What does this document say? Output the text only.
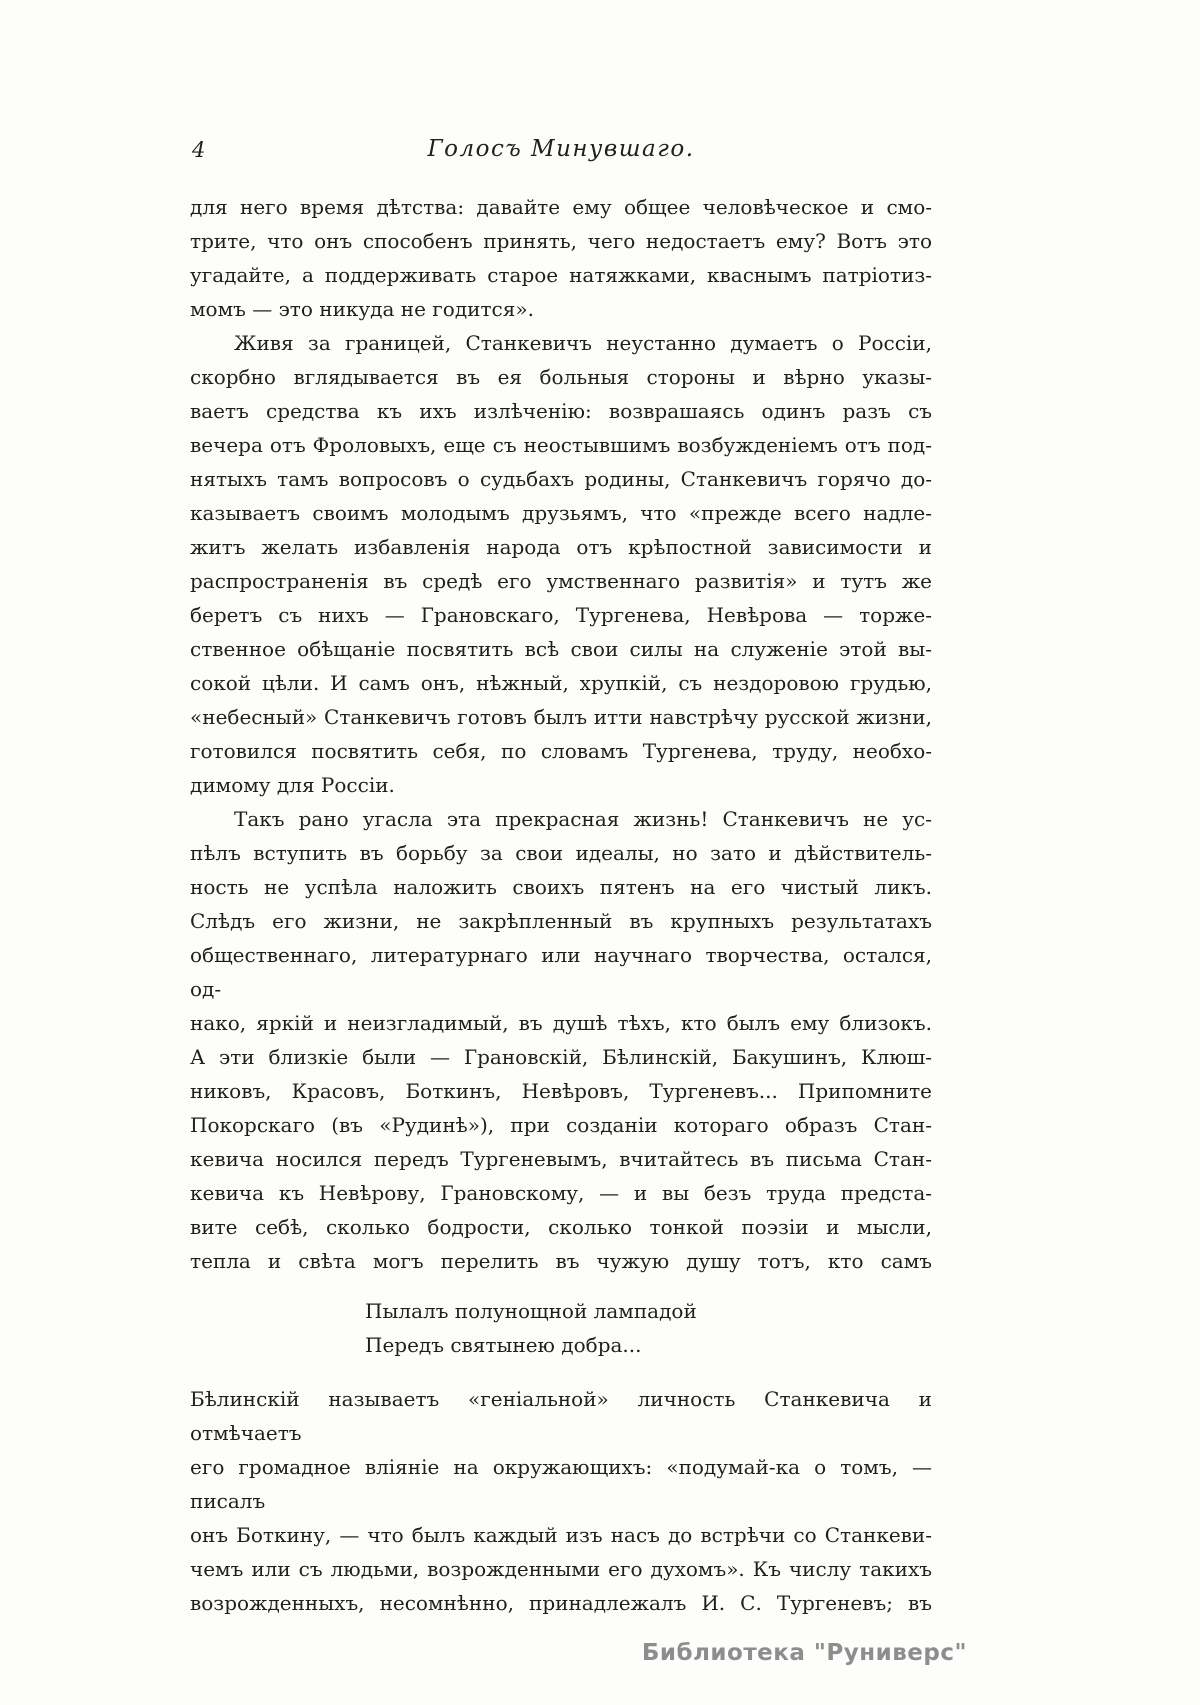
4	Голосъ Минувшаго.
для него время дѣтства: давайте ему общее человѣческое и смо-
трите, что онъ способенъ принять, чего недостаетъ ему? Вотъ это
угадайте, а поддерживать старое натяжками, кваснымъ патріотиз-
момъ — это никуда не годится».
Живя за границей, Станкевичъ неустанно думаетъ о Россіи,
скорбно вглядывается въ ея больныя стороны и вѣрно указы-
ваетъ средства къ ихъ излѣченію: возврашаясь одинъ разъ съ
вечера отъ Фроловыхъ, еще съ неостывшимъ возбужденіемъ отъ под-
нятыхъ тамъ вопросовъ о судьбахъ родины, Станкевичъ горячо до-
казываетъ своимъ молодымъ друзьямъ, что «прежде всего надле-
житъ желать избавленія народа отъ крѣпостной зависимости и
распространенія въ средѣ его умственнаго развитія» и тутъ же
беретъ съ нихъ — Грановскаго, Тургенева, Невѣрова — торже-
ственное обѣщаніе посвятить всѣ свои силы на служеніе этой вы-
сокой цѣли. И самъ онъ, нѣжный, хрупкій, съ нездоровою грудью,
«небесный» Станкевичъ готовъ былъ итти навстрѣчу русской жизни,
готовился посвятить себя, по словамъ Тургенева, труду, необхо-
димому для Россіи.
Такъ рано угасла эта прекрасная жизнь! Станкевичъ не ус-
пѣлъ вступить въ борьбу за свои идеалы, но зато и дѣйствитель-
ность не успѣла наложить своихъ пятенъ на его чистый ликъ.
Слѣдъ его жизни, не закрѣпленный въ крупныхъ результатахъ
общественнаго, литературнаго или научнаго творчества, остался, од-
нако, яркій и неизгладимый, въ душѣ тѣхъ, кто былъ ему близокъ.
А эти близкіе были — Грановскій, Бѣлинскій, Бакушинъ, Клюш-
никовъ, Красовъ, Боткинъ, Невѣровъ, Тургеневъ... Припомните
Покорскаго (въ «Рудинѣ»), при созданіи котораго образъ Стан-
кевича носился передъ Тургеневымъ, вчитайтесь въ письма Стан-
кевича къ Невѣрову, Грановскому, — и вы безъ труда предста-
вите себѣ, сколько бодрости, сколько тонкой поэзіи и мысли,
тепла и свѣта могъ перелить въ чужую душу тотъ, кто самъ
Пылалъ полунощной лампадой
Передъ святынею добра...
Бѣлинскій называетъ «геніальной» личность Станкевича и отмѣчаетъ
его громадное вліяніе на окружающихъ: «подумай-ка о томъ, — писалъ
онъ Боткину, — что былъ каждый изъ насъ до встрѣчи со Станкеви-
чемъ или съ людьми, возрожденными его духомъ». Къ числу такихъ
возрожденныхъ, несомнѣнно, принадлежалъ И. С. Тургеневъ; въ
Библиотека "Руниверс"
